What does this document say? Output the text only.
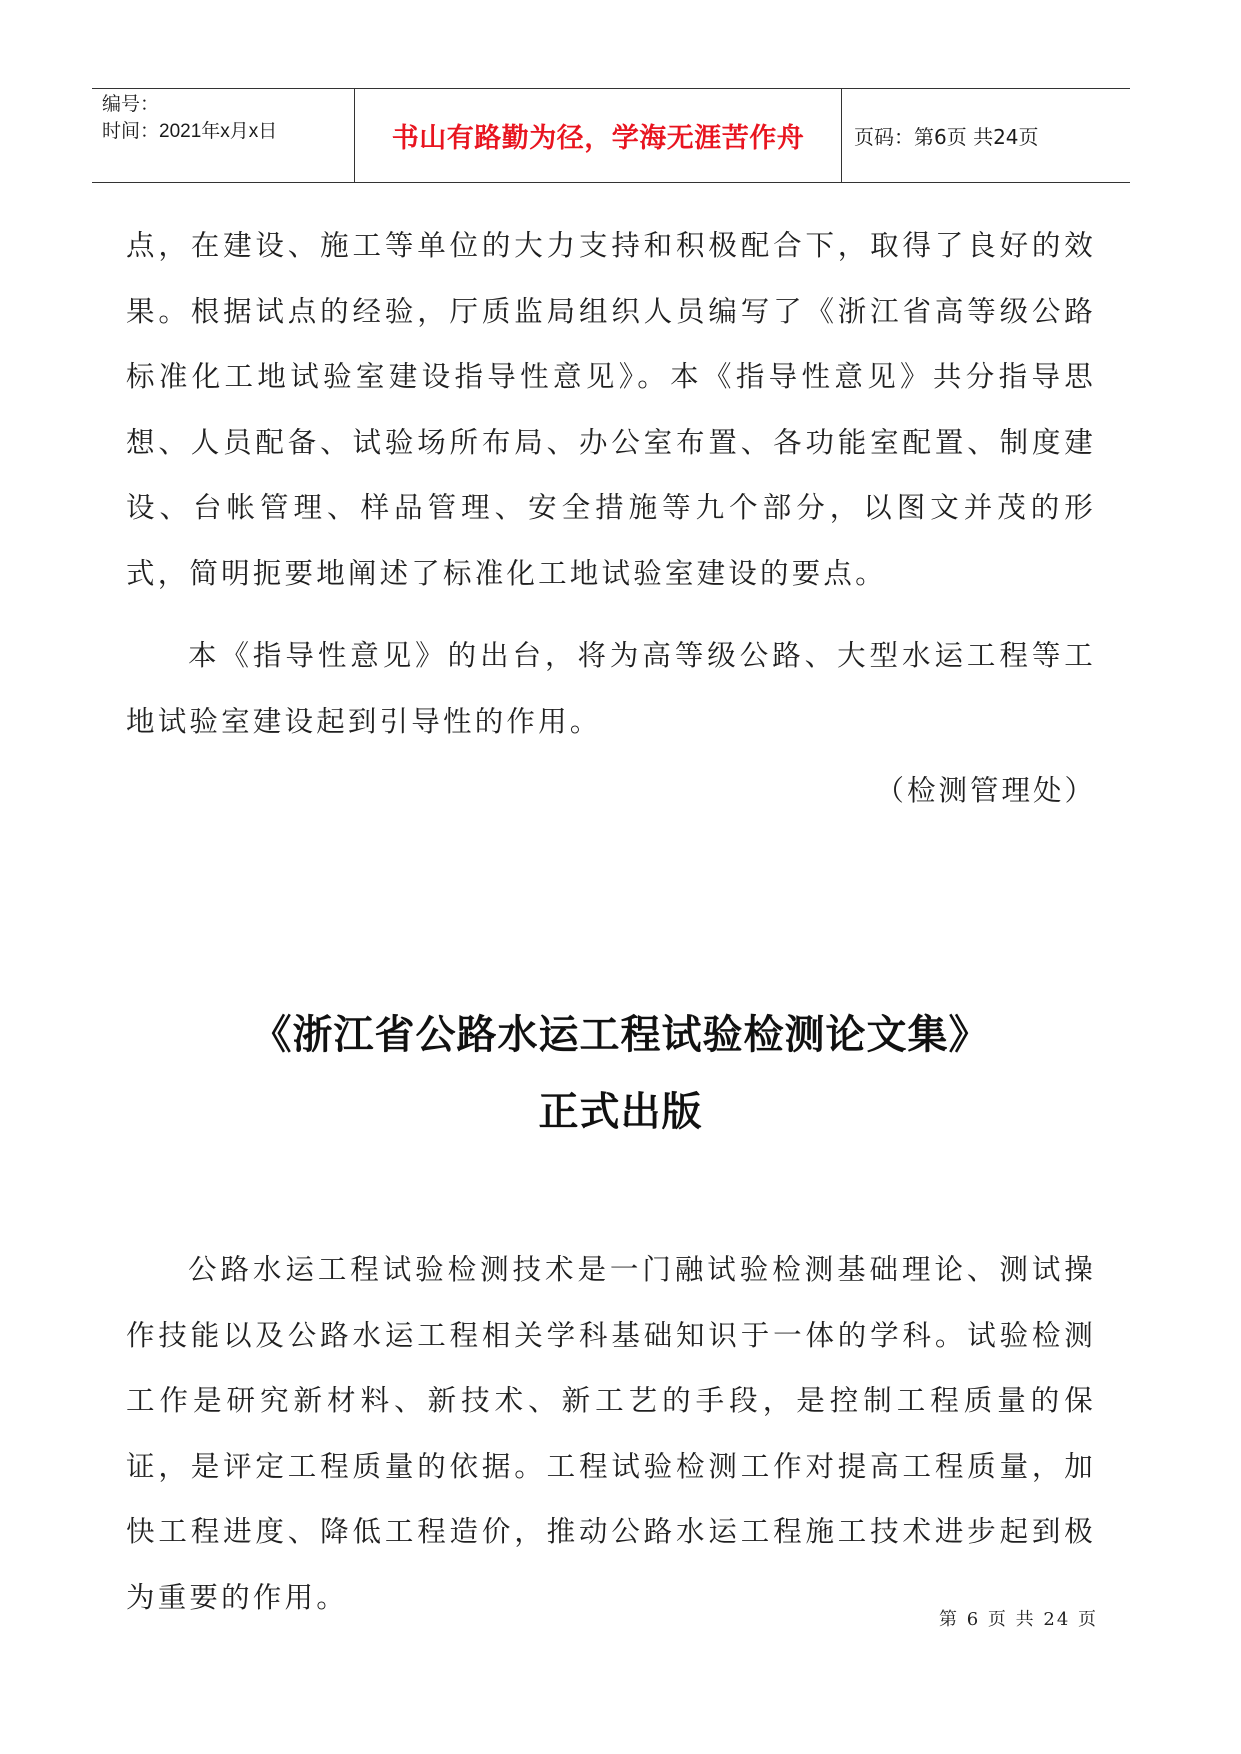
编号：
时间：2021年x月x日	书山有路勤为径，学海无涯苦作舟 页码：第6页 共24页

点，在建设、施工等单位的大力支持和积极配合下，取得了良好的效果。根据试点的经验，厅质监局组织人员编写了《浙江省高等级公路标准化工地试验室建设指导性意见》。本《指导性意见》共分指导思想、人员配备、试验场所布局、办公室布置、各功能室配置、制度建设、台帐管理、样品管理、安全措施等九个部分，以图文并茂的形式，简明扼要地阐述了标准化工地试验室建设的要点。

本《指导性意见》的出台，将为高等级公路、大型水运工程等工地试验室建设起到引导性的作用。

公路水运工程试验检测技术是一门融试验检测基础理论、测试操作技能以及公路水运工程相关学科基础知识于一体的学科。试验检测工作是研究新材料、新技术、新工艺的手段，是控制工程质量的保证，是评定工程质量的依据。工程试验检测工作对提高工程质量，加快工程进度、降低工程造价，推动公路水运工程施工技术进步起到极为重要的作用。

（检测管理处）
《浙江省公路水运工程试验检测论文集》
正式出版
第 6 页 共 24 页
